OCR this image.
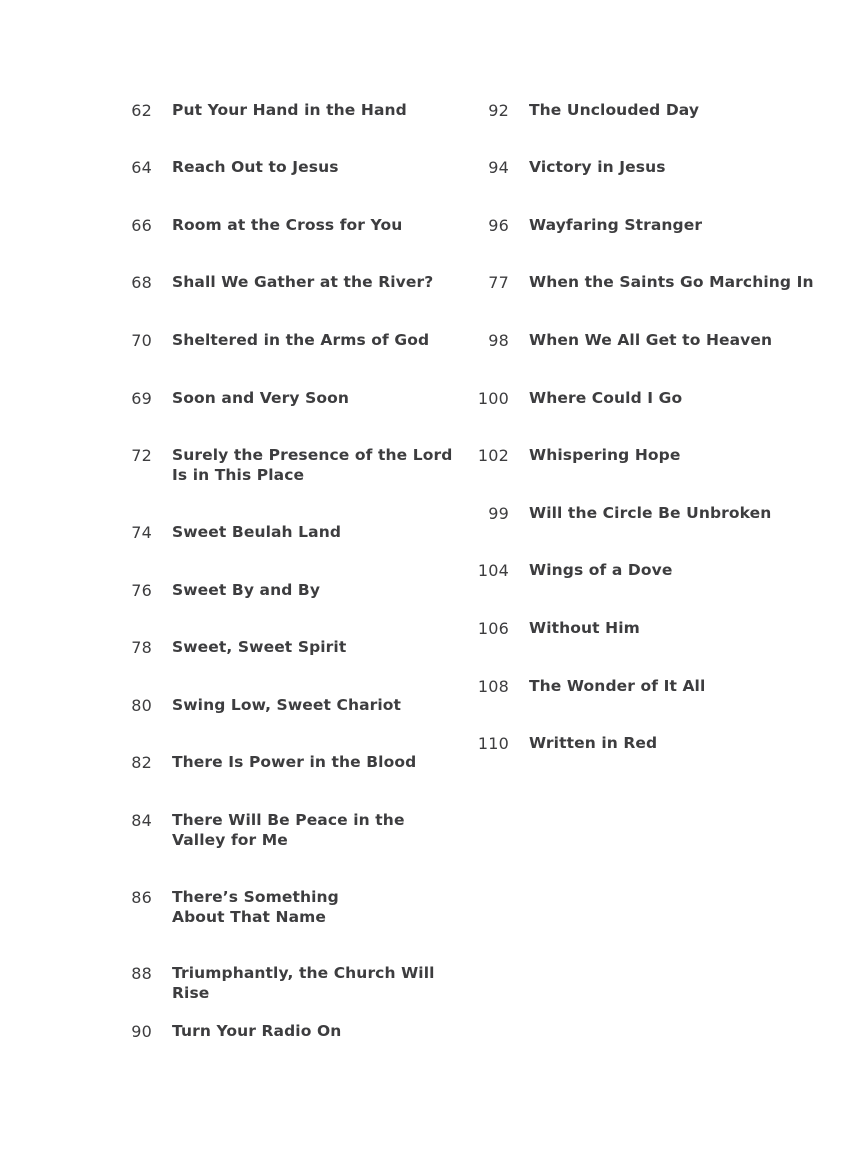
62 Put Your Hand in the Hand
64 Reach Out to Jesus
66 Room at the Cross for You
68 Shall We Gather at the River?
70 Sheltered in the Arms of God
69 Soon and Very Soon
72 Surely the Presence of the Lord
Is in This Place
74 Sweet Beulah Land
76 Sweet By and By
78 Sweet, Sweet Spirit
80 Swing Low, Sweet Chariot
82 There Is Power in the Blood
84 There Will Be Peace in the
Valley for Me
86 There’s Something
About That Name
88 Triumphantly, the Church Will Rise
90 Turn Your Radio On
92 The Unclouded Day
94 Victory in Jesus
96 Wayfaring Stranger
77 When the Saints Go Marching In
98 When We All Get to Heaven
100 Where Could I Go
102 Whispering Hope
99 Will the Circle Be Unbroken
104 Wings of a Dove
106 Without Him
108 The Wonder of It All
110 Written in Red
